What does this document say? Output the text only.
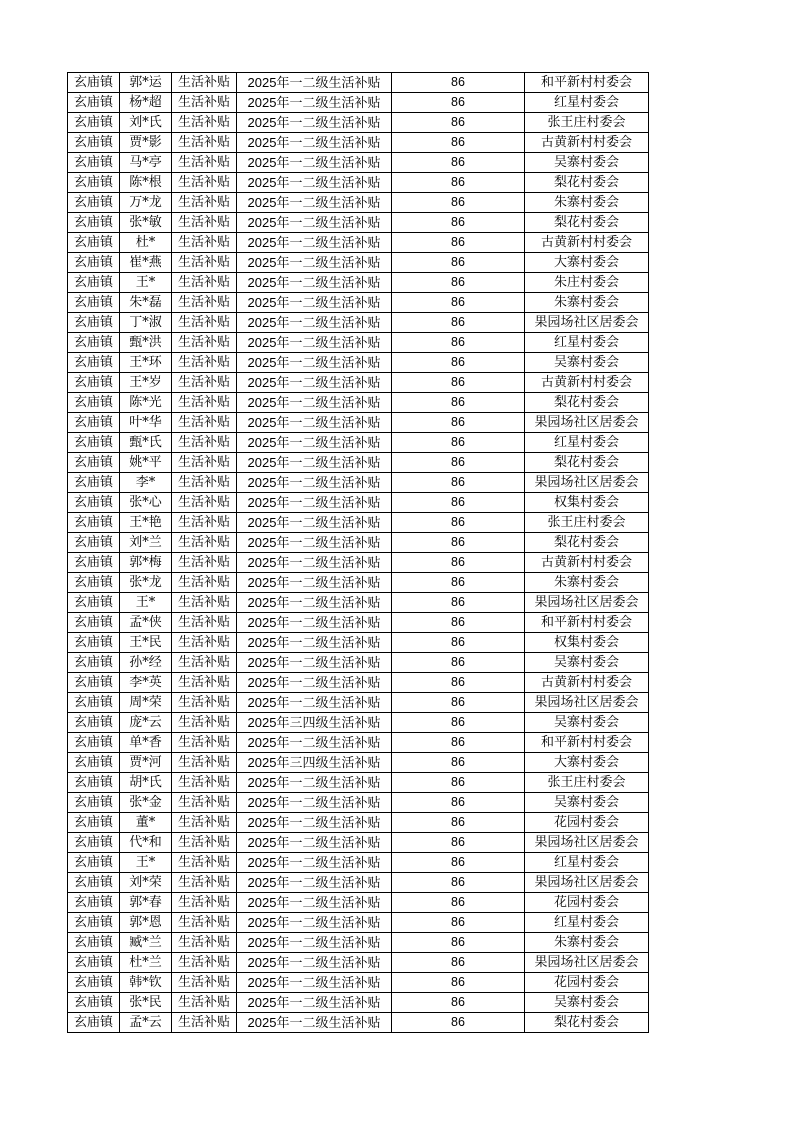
玄庙镇	郭*运	生活补贴	2025年一二级生活补贴	86	和平新村村委会
玄庙镇	杨*超	生活补贴	2025年一二级生活补贴	86	红星村委会
玄庙镇	刘*氏	生活补贴	2025年一二级生活补贴	86	张王庄村委会
玄庙镇	贾*影	生活补贴	2025年一二级生活补贴	86	古黄新村村委会
玄庙镇	马*亭	生活补贴	2025年一二级生活补贴	86	吴寨村委会
玄庙镇	陈*根	生活补贴	2025年一二级生活补贴	86	梨花村委会
玄庙镇	万*龙	生活补贴	2025年一二级生活补贴	86	朱寨村委会
玄庙镇	张*敏	生活补贴	2025年一二级生活补贴	86	梨花村委会
玄庙镇	杜*	生活补贴	2025年一二级生活补贴	86	古黄新村村委会
玄庙镇	崔*燕	生活补贴	2025年一二级生活补贴	86	大寨村委会
玄庙镇	王*	生活补贴	2025年一二级生活补贴	86	朱庄村委会
玄庙镇	朱*磊	生活补贴	2025年一二级生活补贴	86	朱寨村委会
玄庙镇	丁*淑	生活补贴	2025年一二级生活补贴	86	果园场社区居委会
玄庙镇	甄*洪	生活补贴	2025年一二级生活补贴	86	红星村委会
玄庙镇	王*环	生活补贴	2025年一二级生活补贴	86	吴寨村委会
玄庙镇	王*岁	生活补贴	2025年一二级生活补贴	86	古黄新村村委会
玄庙镇	陈*光	生活补贴	2025年一二级生活补贴	86	梨花村委会
玄庙镇	叶*华	生活补贴	2025年一二级生活补贴	86	果园场社区居委会
玄庙镇	甄*氏	生活补贴	2025年一二级生活补贴	86	红星村委会
玄庙镇	姚*平	生活补贴	2025年一二级生活补贴	86	梨花村委会
玄庙镇	李*	生活补贴	2025年一二级生活补贴	86	果园场社区居委会
玄庙镇	张*心	生活补贴	2025年一二级生活补贴	86	权集村委会
玄庙镇	王*艳	生活补贴	2025年一二级生活补贴	86	张王庄村委会
玄庙镇	刘*兰	生活补贴	2025年一二级生活补贴	86	梨花村委会
玄庙镇	郭*梅	生活补贴	2025年一二级生活补贴	86	古黄新村村委会
玄庙镇	张*龙	生活补贴	2025年一二级生活补贴	86	朱寨村委会
玄庙镇	王*	生活补贴	2025年一二级生活补贴	86	果园场社区居委会
玄庙镇	孟*侠	生活补贴	2025年一二级生活补贴	86	和平新村村委会
玄庙镇	王*民	生活补贴	2025年一二级生活补贴	86	权集村委会
玄庙镇	孙*经	生活补贴	2025年一二级生活补贴	86	吴寨村委会
玄庙镇	李*英	生活补贴	2025年一二级生活补贴	86	古黄新村村委会
玄庙镇	周*荣	生活补贴	2025年一二级生活补贴	86	果园场社区居委会
玄庙镇	庞*云	生活补贴	2025年三四级生活补贴	86	吴寨村委会
玄庙镇	单*香	生活补贴	2025年一二级生活补贴	86	和平新村村委会
玄庙镇	贾*河	生活补贴	2025年三四级生活补贴	86	大寨村委会
玄庙镇	胡*氏	生活补贴	2025年一二级生活补贴	86	张王庄村委会
玄庙镇	张*金	生活补贴	2025年一二级生活补贴	86	吴寨村委会
玄庙镇	董*	生活补贴	2025年一二级生活补贴	86	花园村委会
玄庙镇	代*和	生活补贴	2025年一二级生活补贴	86	果园场社区居委会
玄庙镇	王*	生活补贴	2025年一二级生活补贴	86	红星村委会
玄庙镇	刘*荣	生活补贴	2025年一二级生活补贴	86	果园场社区居委会
玄庙镇	郭*春	生活补贴	2025年一二级生活补贴	86	花园村委会
玄庙镇	郭*恩	生活补贴	2025年一二级生活补贴	86	红星村委会
玄庙镇	臧*兰	生活补贴	2025年一二级生活补贴	86	朱寨村委会
玄庙镇	杜*兰	生活补贴	2025年一二级生活补贴	86	果园场社区居委会
玄庙镇	韩*钦	生活补贴	2025年一二级生活补贴	86	花园村委会
玄庙镇	张*民	生活补贴	2025年一二级生活补贴	86	吴寨村委会
玄庙镇	孟*云	生活补贴	2025年一二级生活补贴	86	梨花村委会
